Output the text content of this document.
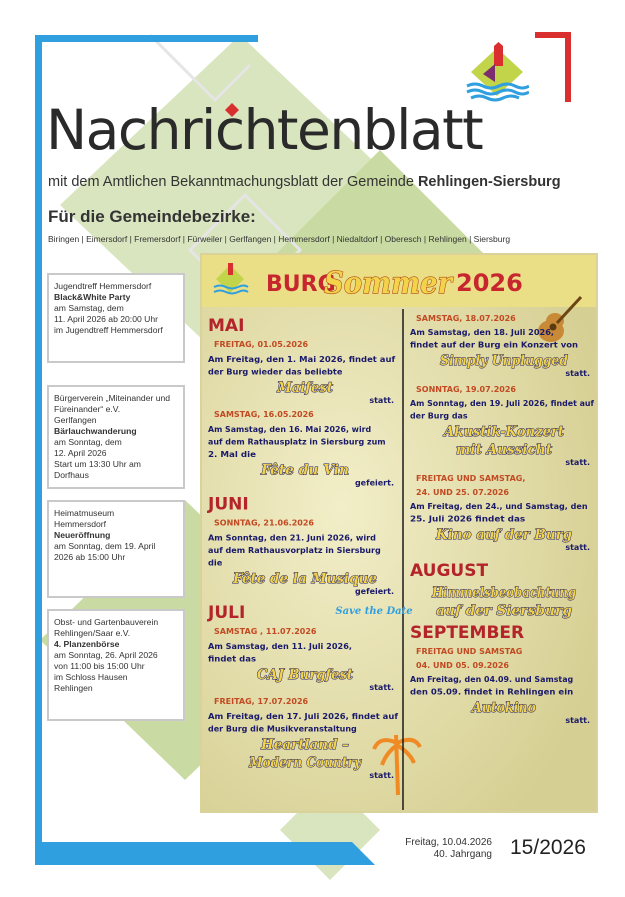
Nachrichtenblatt
mit dem Amtlichen Bekanntmachungsblatt der Gemeinde Rehlingen-Siersburg
Für die Gemeindebezirke:
Biringen | Eimersdorf | Fremersdorf | Fürweiler | Gerlfangen | Hemmersdorf | Niedaltdorf | Oberesch | Rehlingen | Siersburg
Jugendtreff Hemmersdorf
Black&White Party
am Samstag, dem
11. April 2026 ab 20:00 Uhr
im Jugendtreff Hemmersdorf
Bürgerverein „Miteinander und Füreinander“ e.V.
Gerlfangen
Bärlauchwanderung
am Sonntag, dem
12. April 2026
Start um 13:30 Uhr am
Dorfhaus
Heimatmuseum
Hemmersdorf
Neueröffnung
am Sonntag, dem 19. April
2026 ab 15:00 Uhr
Obst- und Gartenbauverein
Rehlingen/Saar e.V.
4. Planzenbörse
am Sonntag, 26. April 2026
von 11:00 bis 15:00 Uhr
im Schloss Hausen
Rehlingen
BURG
Sommer 2026
MAI
FREITAG, 01.05.2026
Am Freitag, den 1. Mai 2026, findet auf
der Burg wieder das beliebte
Maifest
statt.
SAMSTAG, 16.05.2026
Am Samstag, den 16. Mai 2026, wird
auf dem Rathausplatz in Siersburg zum
2. Mal die
Fête du Vin
gefeiert.
JUNI
SONNTAG, 21.06.2026
Am Sonntag, den 21. Juni 2026, wird
auf dem Rathausvorplatz in Siersburg
die
Fête de la Musique
gefeiert.
JULI	Save the Date
SAMSTAG , 11.07.2026
Am Samstag, den 11. Juli 2026,
findet das
CAJ Burgfest
statt.
FREITAG, 17.07.2026
Am Freitag, den 17. Juli 2026, findet auf
der Burg die Musikveranstaltung
Heartland –
Modern Country
statt.
SAMSTAG, 18.07.2026
Am Samstag, den 18. Juli 2026,
findet auf der Burg ein Konzert von
Simply Unplugged
statt.
SONNTAG, 19.07.2026
Am Sonntag, den 19. Juli 2026, findet auf
der Burg das
Akustik-Konzert
mit Aussicht
statt.
FREITAG UND SAMSTAG,
24. UND 25. 07.2026
Am Freitag, den 24., und Samstag, den
25. Juli 2026 findet das
Kino auf der Burg
statt.
AUGUST
Himmelsbeobachtung
auf der Siersburg
SEPTEMBER
FREITAG UND SAMSTAG
04. UND 05. 09.2026
Am Freitag, den 04.09. und Samstag
den 05.09. findet in Rehlingen ein
Autokino
statt.
Freitag, 10.04.2026
40. Jahrgang 15/2026
